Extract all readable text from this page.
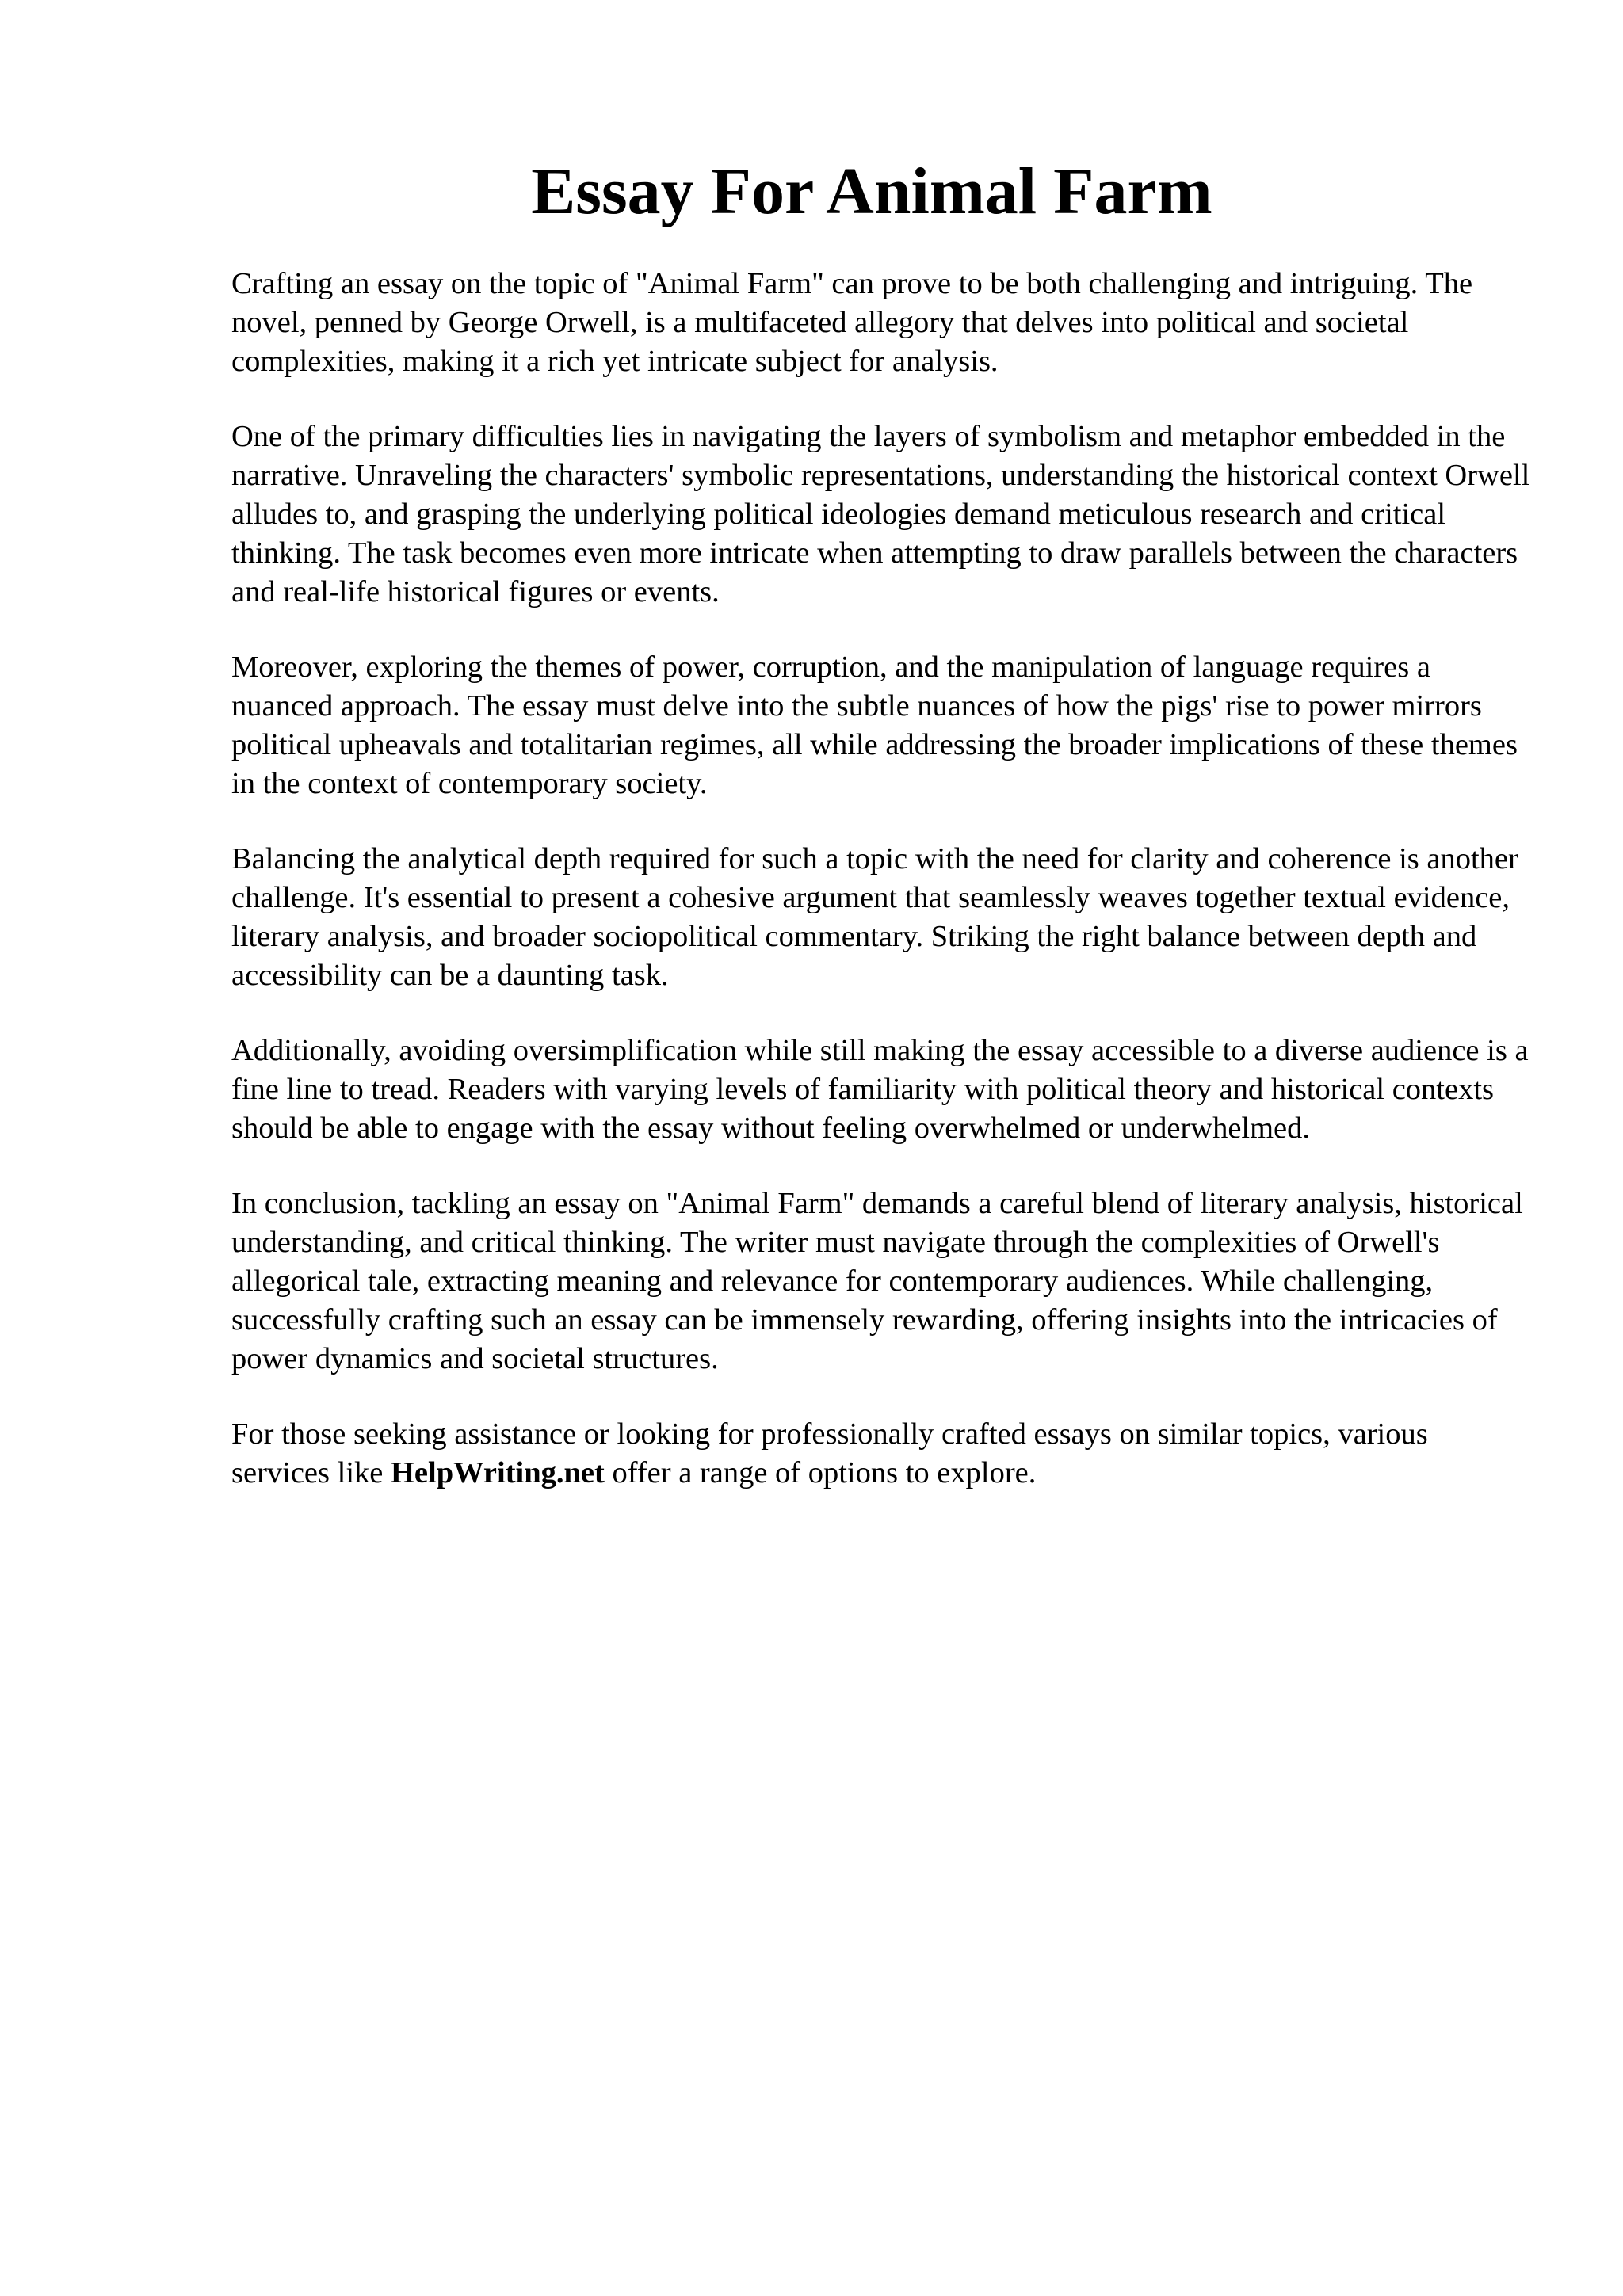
Essay For Animal Farm

Crafting an essay on the topic of "Animal Farm" can prove to be both challenging and intriguing. The novel, penned by George Orwell, is a multifaceted allegory that delves into political and societal complexities, making it a rich yet intricate subject for analysis.

One of the primary difficulties lies in navigating the layers of symbolism and metaphor embedded in the narrative. Unraveling the characters' symbolic representations, understanding the historical context Orwell alludes to, and grasping the underlying political ideologies demand meticulous research and critical thinking. The task becomes even more intricate when attempting to draw parallels between the characters and real-life historical figures or events.

Moreover, exploring the themes of power, corruption, and the manipulation of language requires a nuanced approach. The essay must delve into the subtle nuances of how the pigs' rise to power mirrors political upheavals and totalitarian regimes, all while addressing the broader implications of these themes in the context of contemporary society.

Balancing the analytical depth required for such a topic with the need for clarity and coherence is another challenge. It's essential to present a cohesive argument that seamlessly weaves together textual evidence, literary analysis, and broader sociopolitical commentary. Striking the right balance between depth and accessibility can be a daunting task.

Additionally, avoiding oversimplification while still making the essay accessible to a diverse audience is a fine line to tread. Readers with varying levels of familiarity with political theory and historical contexts should be able to engage with the essay without feeling overwhelmed or underwhelmed.

In conclusion, tackling an essay on "Animal Farm" demands a careful blend of literary analysis, historical understanding, and critical thinking. The writer must navigate through the complexities of Orwell's allegorical tale, extracting meaning and relevance for contemporary audiences. While challenging, successfully crafting such an essay can be immensely rewarding, offering insights into the intricacies of power dynamics and societal structures.

For those seeking assistance or looking for professionally crafted essays on similar topics, various services like HelpWriting.net offer a range of options to explore.
